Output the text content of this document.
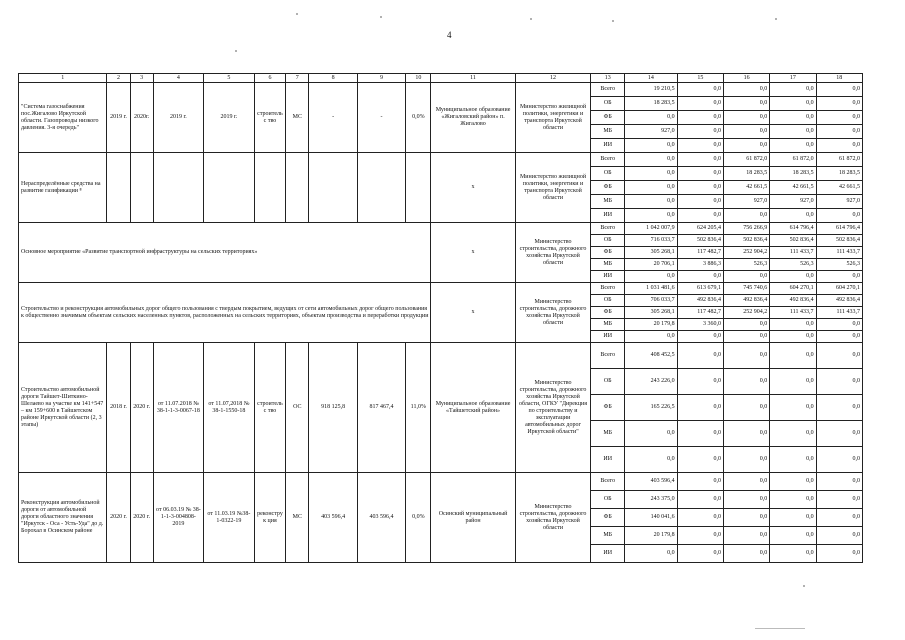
4
1	2	3	4	5	6	7	8	9	10	11	12	13	14	15	16	17	18
"Система газоснабжения пос.Жигалово Иркутской области. Газопроводы низкого давления. 3-я очередь"	2019 г.	2020г.	2019 г.	2019 г.	строительс тво	МС	-	-	0,0%	Муниципальное образование «Жигаловский район» п. Жигалово	Министерство жилищной политики, энергетики и транспорта Иркутской области	Всего	19 210,5	0,0	0,0	0,0	0,0
												ОБ	18 283,5	0,0	0,0	0,0	0,0
												ФБ	0,0	0,0	0,0	0,0	0,0
												МБ	927,0	0,0	0,0	0,0	0,0
												ИИ	0,0	0,0	0,0	0,0	0,0
Нераспределённые средства на развитие газификации ⁸										х	Министерство жилищной политики, энергетики и транспорта Иркутской области	Всего	0,0	0,0	61 872,0	61 872,0	61 872,0
												ОБ	0,0	0,0	18 283,5	18 283,5	18 283,5
												ФБ	0,0	0,0	42 661,5	42 661,5	42 661,5
												МБ	0,0	0,0	927,0	927,0	927,0
												ИИ	0,0	0,0	0,0	0,0	0,0
Основное мероприятие «Развитие транспортной инфраструктуры на сельских территориях»										х	Министерство строительства, дорожного хозяйства Иркутской области	Всего	1 042 007,9	624 205,4	756 266,9	614 796,4	614 796,4
												ОБ	716 033,7	502 836,4	502 836,4	502 836,4	502 836,4
												ФБ	305 268,1	117 482,7	252 904,2	111 433,7	111 433,7
												МБ	20 706,1	3 886,3	526,3	526,3	526,3
												ИИ	0,0	0,0	0,0	0,0	0,0
Строительство и реконструкция автомобильных дорог общего пользования с твердым покрытием, ведущих от сети автомобильных дорог общего пользования к общественно значимым объектам сельских населенных пунктов, расположенных на сельских территориях, объектам производства и переработки продукции										х	Министерство строительства, дорожного хозяйства Иркутской области	Всего	1 031 481,6	613 679,1	745 740,6	604 270,1	604 270,1
												ОБ	706 033,7	492 836,4	492 836,4	492 836,4	492 836,4
												ФБ	305 268,1	117 482,7	252 904,2	111 433,7	111 433,7
												МБ	20 179,8	3 360,0	0,0	0,0	0,0
												ИИ	0,0	0,0	0,0	0,0	0,0
Строительство автомобильной дороги Тайшет-Шиткино-Шелаево на участке км 141+547 – км 159+600 в Тайшетском районе Иркутской области (2, 3 этапы)	2018 г.	2020 г.	от 11.07.2018 № 38-1-1-3-0067-18	от 11.07,2018 № 38-1-1550-18	строительс тво	ОС	918 125,8	817 467,4	11,0%	Муниципальное образование «Тайшетский район»	Министерство строительства, дорожного хозяйства Иркутской области, ОГКУ "Дирекция по строительству и эксплуатации автомобильных дорог Иркутской области"	Всего	408 452,5	0,0	0,0	0,0	0,0
												ОБ	243 226,0	0,0	0,0	0,0	0,0
												ФБ	165 226,5	0,0	0,0	0,0	0,0
												МБ	0,0	0,0	0,0	0,0	0,0
												ИИ	0,0	0,0	0,0	0,0	0,0
Реконструкция автомобильной дороги от автомобильной дороги областного значения "Иркутск - Оса - Усть-Уда" до д. Борохал в Осинском районе	2020 г.	2020 г.	от 06.03.19 № 38-1-1-3-004808-2019	от 11.03.19 №38-1-0322-19	реконструк ция	МС	403 596,4	403 596,4	0,0%	Осинский муниципальный район	Министерство строительства, дорожного хозяйства Иркутской области	Всего	403 596,4	0,0	0,0	0,0	0,0
												ОБ	243 375,0	0,0	0,0	0,0	0,0
												ФБ	140 041,6	0,0	0,0	0,0	0,0
												МБ	20 179,8	0,0	0,0	0,0	0,0
												ИИ	0,0	0,0	0,0	0,0	0,0
